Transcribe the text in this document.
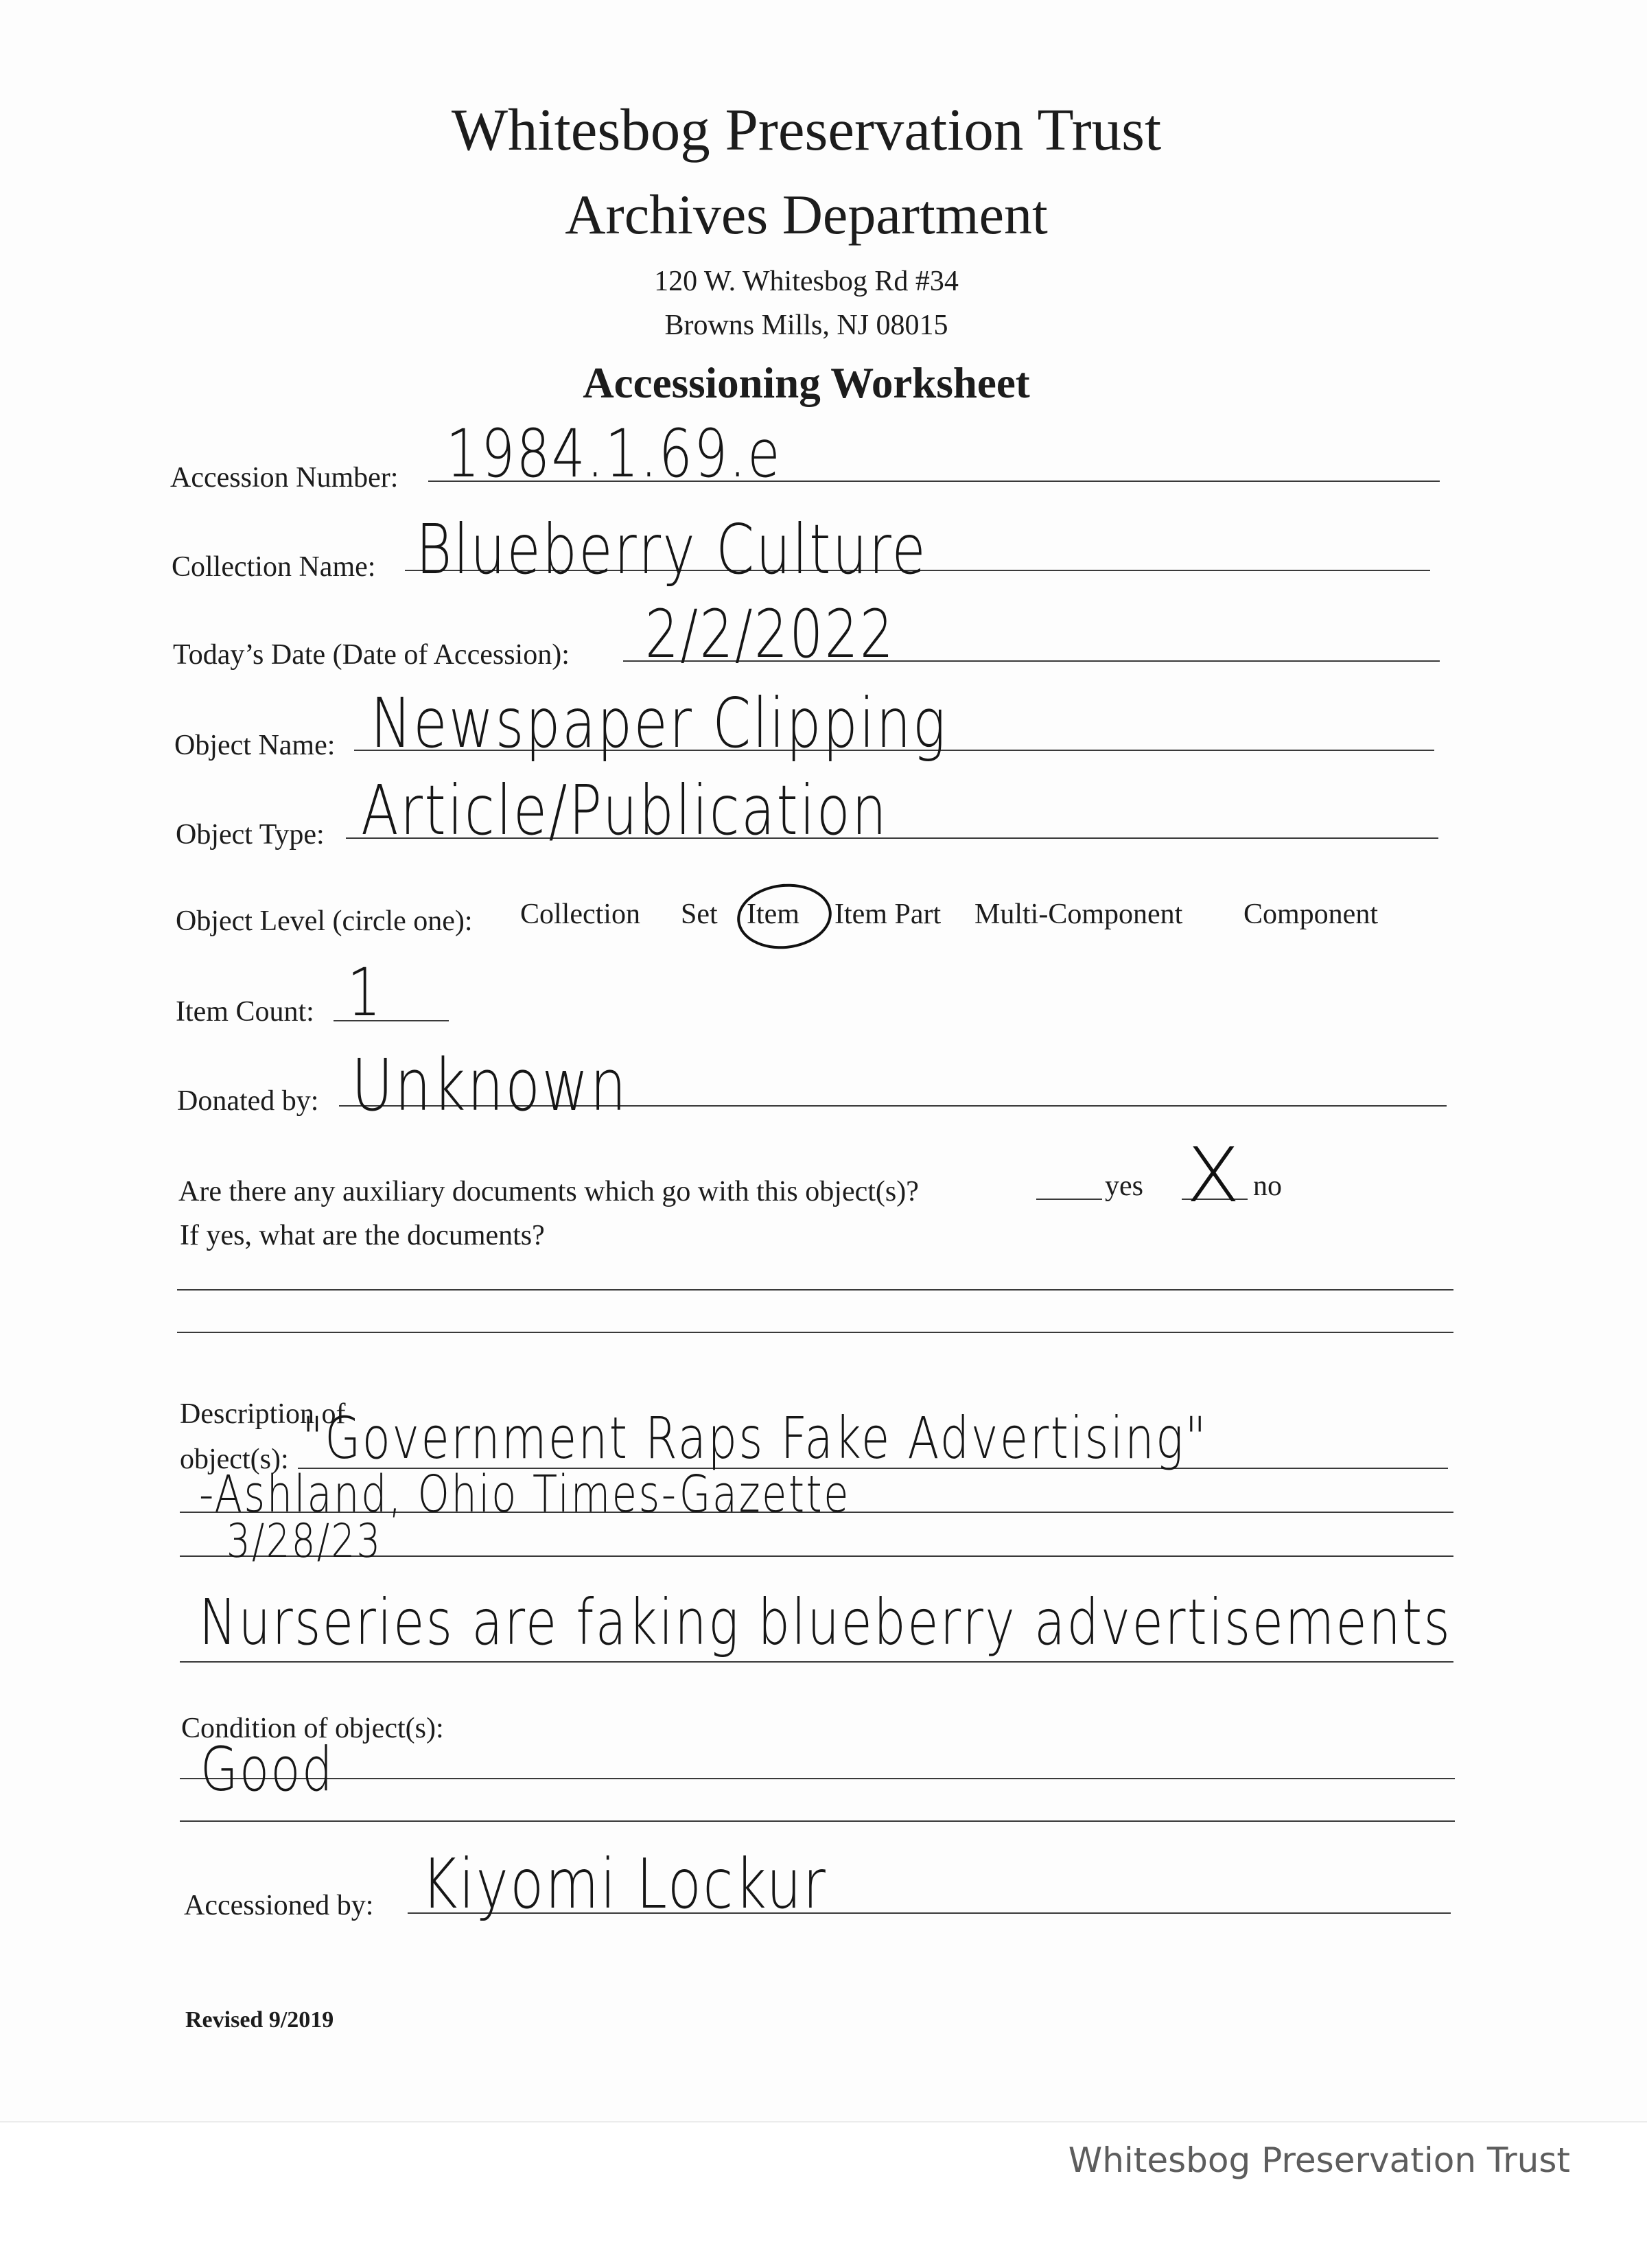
Whitesbog Preservation Trust
Archives Department
120 W. Whitesbog Rd #34
Browns Mills, NJ 08015
Accessioning Worksheet
Accession Number: 1984.1.69.e
Collection Name: Blueberry Culture
Today’s Date (Date of Accession): 2/2/2022
Object Name: Newspaper Clipping
Object Type: Article/Publication
Object Level (circle one): Collection Set Item Item Part Multi-Component Component
Item Count: 1
Donated by: Unknown
Are there any auxiliary documents which go with this object(s)?	yes X no
If yes, what are the documents?
Description of
object(s): "Government Raps Fake Advertising"
-Ashland, Ohio Times-Gazette
3/28/23
Nurseries are faking blueberry advertisements
Condition of object(s):
Good
Accessioned by: Kiyomi Lockur
Revised 9/2019
Whitesbog Preservation Trust
